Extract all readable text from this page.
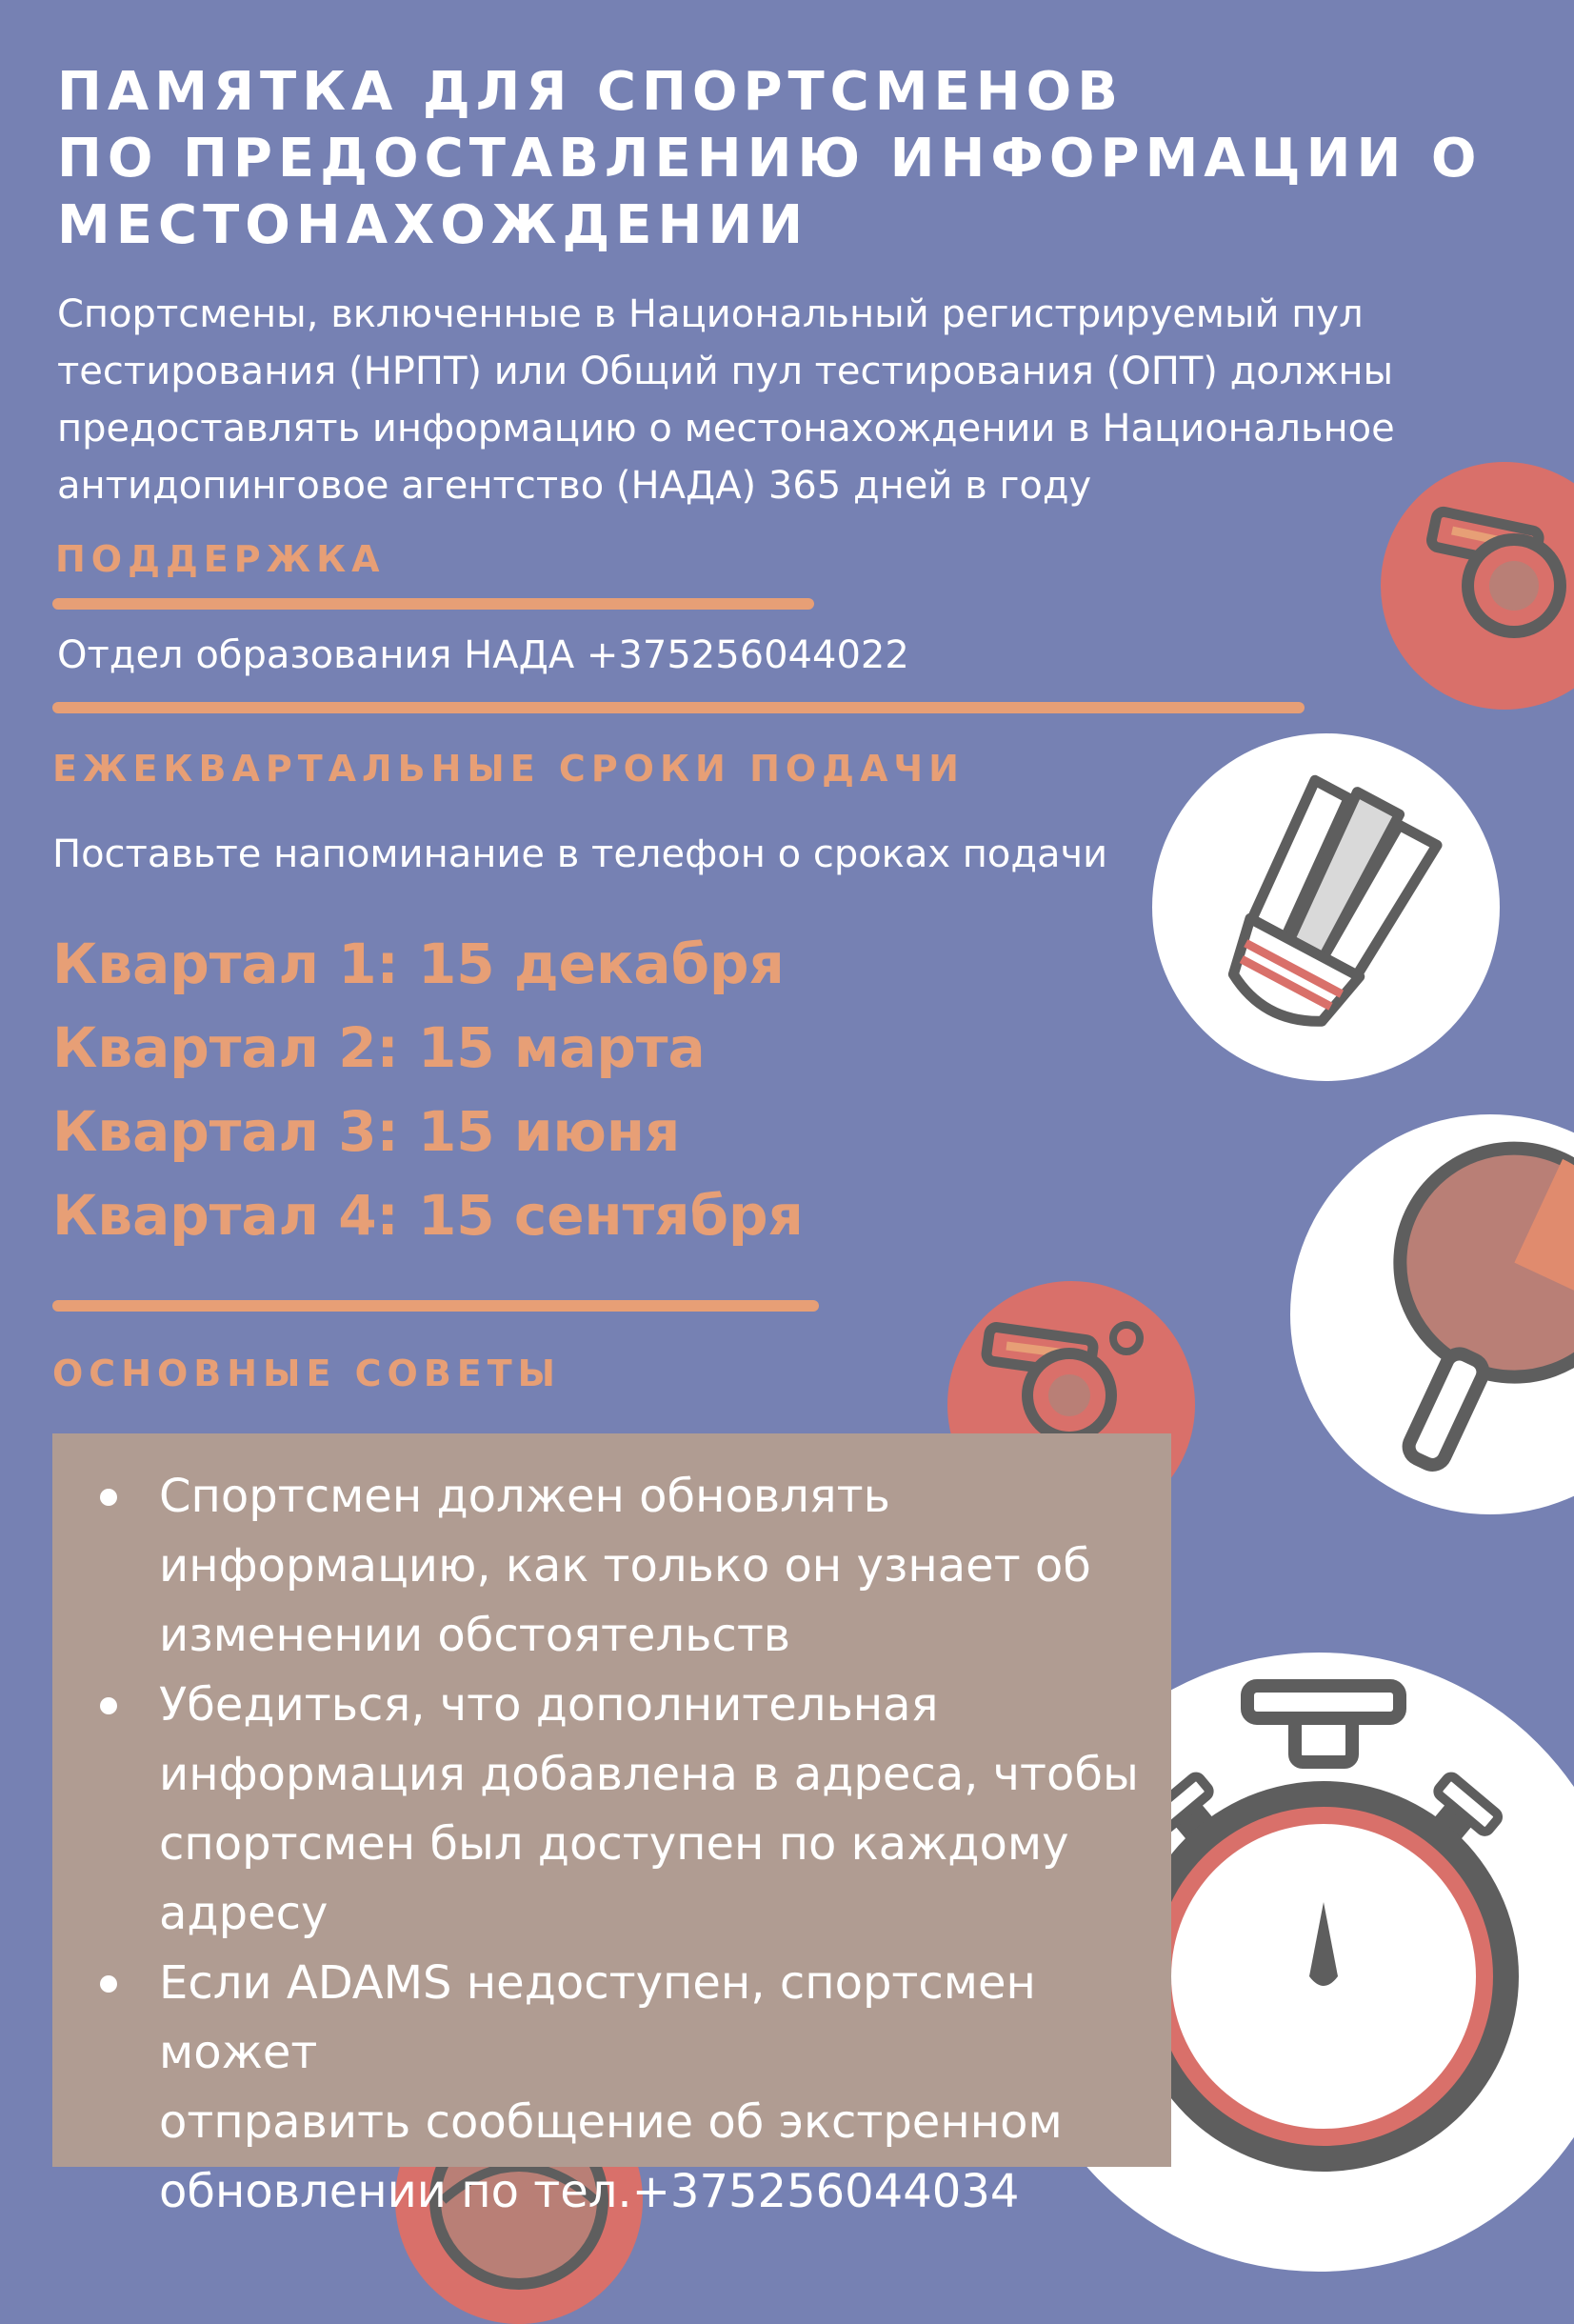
ПАМЯТКА ДЛЯ СПОРТСМЕНОВ
ПО ПРЕДОСТАВЛЕНИЮ ИНФОРМАЦИИ О
МЕСТОНАХОЖДЕНИИ
Спортсмены, включенные в Национальный регистрируемый пул
тестирования (НРПТ) или Общий пул тестирования (ОПТ) должны
предоставлять информацию о местонахождении в Национальное
антидопинговое агентство (НАДА) 365 дней в году
ПОДДЕРЖКА

Отдел образования НАДА +375256044022

ЕЖЕКВАРТАЛЬНЫЕ СРОКИ ПОДАЧИ

Поставьте напоминание в телефон о сроках подачи

Квартал 1: 15 декабря
Квартал 2: 15 марта
Квартал 3: 15 июня
Квартал 4: 15 сентября
ОСНОВНЫЕ СОВЕТЫ
Спортсмен должен обновлять
информацию, как только он узнает об
изменении обстоятельств
Убедиться, что дополнительная
информация добавлена в адреса, чтобы
спортсмен был доступен по каждому
адресу
Если ADAMS недоступен, спортсмен может
отправить сообщение об экстренном
обновлении по тел.+375256044034
